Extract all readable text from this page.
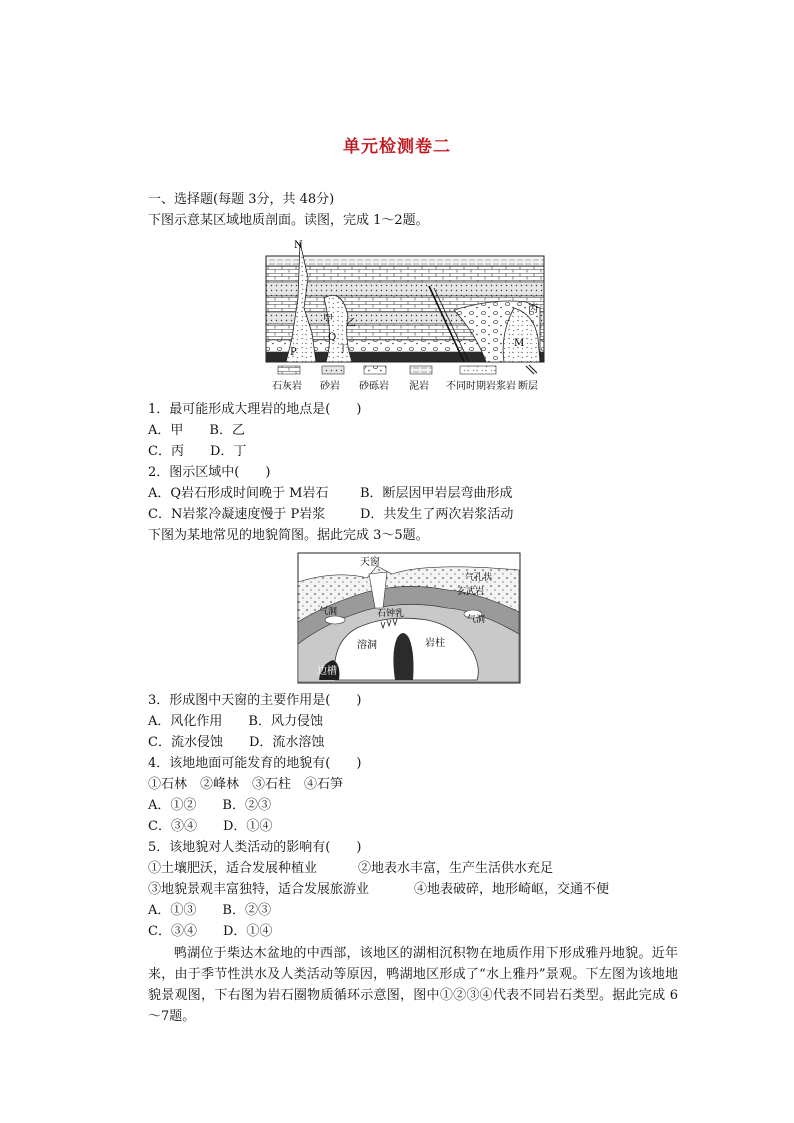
单元检测卷二
一、选择题(每题 3分，共 48分)
下图示意某区域地质剖面。读图，完成 1～2题。
N
P
Q
甲 乙
丙
丁
M
石灰岩 砂岩 砂砾岩 泥岩 不同时期岩浆岩 断层
1．最可能形成大理岩的地点是(　　)
A．甲　　B．乙
C．丙　　D．丁
2．图示区域中(　　)
A．Q岩石形成时间晚于 M岩石 B．断层因甲岩层弯曲形成
C．N岩浆冷凝速度慢于 P岩浆	D．共发生了两次岩浆活动
下图为某地常见的地貌简图。据此完成 3～5题。
天窗
气孔状
玄武岩
气洞	石钟乳
气洞
溶洞	岩柱
边槽
3．形成图中天窗的主要作用是(　　)
A．风化作用　　B．风力侵蚀
C．流水侵蚀　　D．流水溶蚀
4．该地地面可能发育的地貌有(　　)
①石林　②峰林　③石柱　④石笋
A．①②　　B．②③
C．③④　　D．①④
5．该地貌对人类活动的影响有(　　)
①土壤肥沃，适合发展种植业	②地表水丰富，生产生活供水充足
③地貌景观丰富独特，适合发展旅游业	④地表破碎，地形崎岖，交通不便
A．①③　　B．②③
C．③④　　D．①④
鸭湖位于柴达木盆地的中西部，该地区的湖相沉积物在地质作用下形成雅丹地貌。近年来，由于季节性洪水及人类活动等原因，鸭湖地区形成了“水上雅丹”景观。下左图为该地地貌景观图，下右图为岩石圈物质循环示意图，图中①②③④代表不同岩石类型。据此完成 6～7题。
